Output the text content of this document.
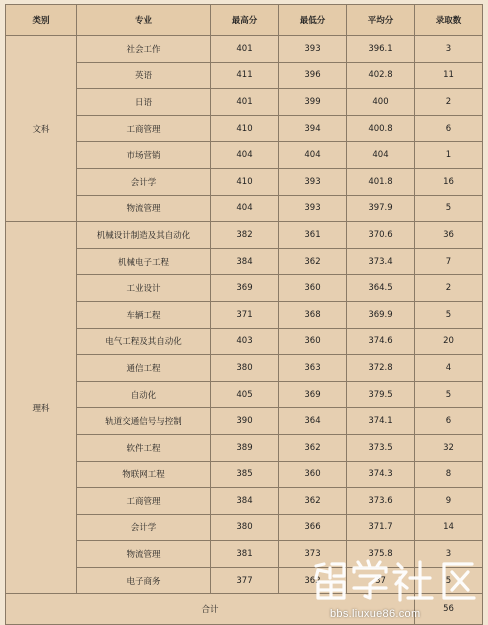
类别	专业	最高分	最低分	平均分	录取数
文科	社会工作	401	393	396.1	3
	英语	411	396	402.8	11
	日语	401	399	400	2
	工商管理	410	394	400.8	6
	市场营销	404	404	404	1
	会计学	410	393	401.8	16
	物流管理	404	393	397.9	5
理科	机械设计制造及其自动化	382	361	370.6	36
	机械电子工程	384	362	373.4	7
	工业设计	369	360	364.5	2
	车辆工程	371	368	369.9	5
	电气工程及其自动化	403	360	374.6	20
	通信工程	380	363	372.8	4
	自动化	405	369	379.5	5
	轨道交通信号与控制	390	364	374.1	6
	软件工程	389	362	373.5	32
	物联网工程	385	360	374.3	8
	工商管理	384	362	373.6	9
	会计学	380	366	371.7	14
	物流管理	381	373	375.8	3
	电子商务	377	362	37	5
合计					56
bbs.liuxue86.com
